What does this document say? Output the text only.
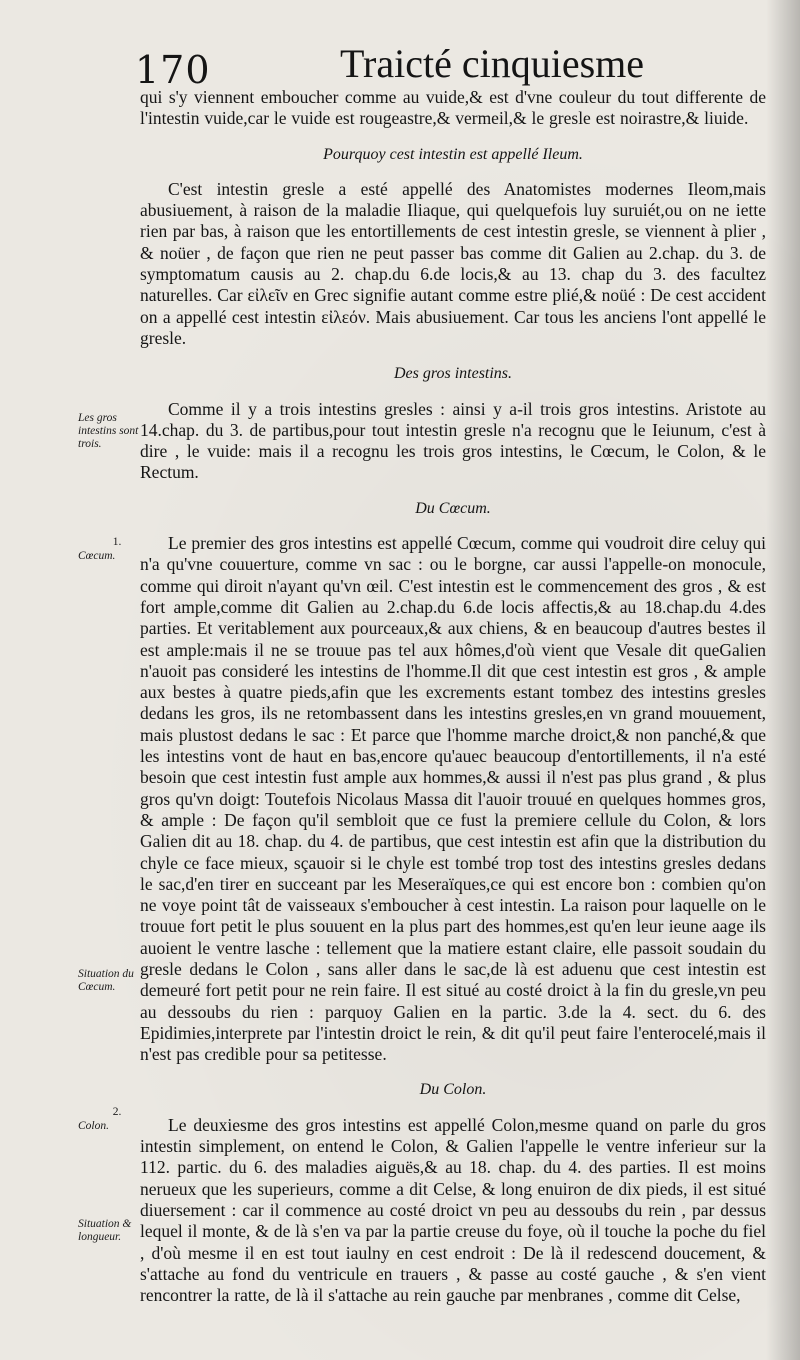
170	Traicté cinquiesme

qui s'y viennent emboucher comme au vuide,& est d'vne couleur du tout differente de l'intestin vuide,car le vuide est rougeastre,& vermeil,& le gresle est noirastre,& liuide.

Pourquoy cest intestin est appellé Ileum.

C'est intestin gresle a esté appellé des Anatomistes modernes Ileom,mais abusiuement, à raison de la maladie Iliaque, qui quelquefois luy suruiét,ou on ne iette rien par bas, à raison que les entortillements de cest intestin gresle, se viennent à plier , & noüer , de façon que rien ne peut passer bas comme dit Galien au 2.chap. du 3. de symptomatum causis au 2. chap.du 6.de locis,& au 13. chap du 3. des facultez naturelles. Car εἰλεῖν en Grec signifie autant comme estre plié,& noüé : De cest accident on a appellé cest intestin εἰλεόν. Mais abusiuement. Car tous les anciens l'ont appellé le gresle.

Des gros intestins.

Comme il y a trois intestins gresles : ainsi y a-il trois gros intestins. Aristote au 14.chap. du 3. de partibus,pour tout intestin gresle n'a recognu que le Ieiunum, c'est à dire , le vuide: mais il a recognu les trois gros intestins, le Cœcum, le Colon, & le Rectum.

Du Cœcum.

Le premier des gros intestins est appellé Cœcum, comme qui voudroit dire celuy qui n'a qu'vne couuerture, comme vn sac : ou le borgne, car aussi l'appelle-on monocule, comme qui diroit n'ayant qu'vn œil. C'est intestin est le commencement des gros , & est fort ample,comme dit Galien au 2.chap.du 6.de locis affectis,& au 18.chap.du 4.des parties. Et veritablement aux pourceaux,& aux chiens, & en beaucoup d'autres bestes il est ample:mais il ne se trouue pas tel aux hômes,d'où vient que Vesale dit queGalien n'auoit pas consideré les intestins de l'homme.Il dit que cest intestin est gros , & ample aux bestes à quatre pieds,afin que les excrements estant tombez des intestins gresles dedans les gros, ils ne retombassent dans les intestins gresles,en vn grand mouuement, mais plustost dedans le sac : Et parce que l'homme marche droict,& non panché,& que les intestins vont de haut en bas,encore qu'auec beaucoup d'entortillements, il n'a esté besoin que cest intestin fust ample aux hommes,& aussi il n'est pas plus grand , & plus gros qu'vn doigt: Toutefois Nicolaus Massa dit l'auoir trouué en quelques hommes gros, & ample : De façon qu'il sembloit que ce fust la premiere cellule du Colon, & lors Galien dit au 18. chap. du 4. de partibus, que cest intestin est afin que la distribution du chyle ce face mieux, sçauoir si le chyle est tombé trop tost des intestins gresles dedans le sac,d'en tirer en succeant par les Meseraïques,ce qui est encore bon : combien qu'on ne voye point tât de vaisseaux s'emboucher à cest intestin. La raison pour laquelle on le trouue fort petit le plus souuent en la plus part des hommes,est qu'en leur ieune aage ils auoient le ventre lasche : tellement que la matiere estant claire, elle passoit soudain du gresle dedans le Colon , sans aller dans le sac,de là est aduenu que cest intestin est demeuré fort petit pour ne rein faire. Il est situé au costé droict à la fin du gresle,vn peu au dessoubs du rien : parquoy Galien en la partic. 3.de la 4. sect. du 6. des Epidimies,interprete par l'intestin droict le rein, & dit qu'il peut faire l'enterocelé,mais il n'est pas credible pour sa petitesse.

Du Colon.

Le deuxiesme des gros intestins est appellé Colon,mesme quand on parle du gros intestin simplement, on entend le Colon, & Galien l'appelle le ventre inferieur sur la 112. partic. du 6. des maladies aiguës,& au 18. chap. du 4. des parties. Il est moins nerueux que les superieurs, comme a dit Celse, & long enuiron de dix pieds, il est situé diuersement : car il commence au costé droict vn peu au dessoubs du rein , par dessus lequel il monte, & de là s'en va par la partie creuse du foye, où il touche la poche du fiel , d'où mesme il en est tout iaulny en cest endroit : De là il redescend doucement, & s'attache au fond du ventricule en trauers , & passe au costé gauche , & s'en vient rencontrer la ratte, de là il s'attache au rein gauche par menbranes , comme dit Celse,

Les gros intestins sont trois.
1.
Cœcum.
Situation du Cœcum.
2.
Colon.
Situation & longueur.
